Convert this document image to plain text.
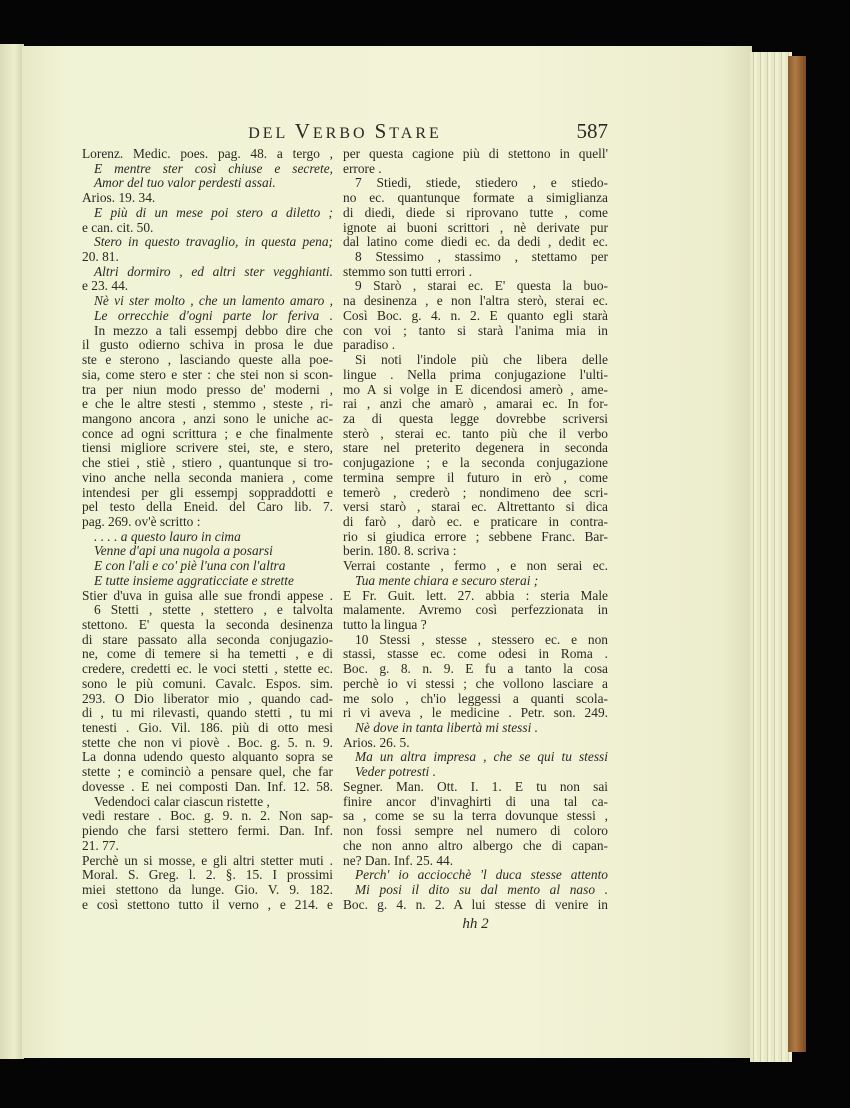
DEL VERBO STARE	587
Lorenz. Medic. poes. pag. 48. a tergo ,
E mentre ster così chiuse e secrete,
Amor del tuo valor perdesti assai.
Arios. 19. 34.
E più di un mese poi stero a diletto ;
e can. cit. 50.
Stero in questo travaglio, in questa pena;
20. 81.
Altri dormiro , ed altri ster vegghianti.
e 23. 44.
Nè vi ster molto , che un lamento amaro ,
Le orrecchie d'ogni parte lor feriva .
In mezzo a tali essempj debbo dire che
il gusto odierno schiva in prosa le due
ste e sterono , lasciando queste alla poe-
sia, come stero e ster : che stei non si scon-
tra per niun modo presso de' moderni ,
e che le altre stesti , stemmo , steste , ri-
mangono ancora , anzi sono le uniche ac-
conce ad ogni scrittura ; e che finalmente
tiensi migliore scrivere stei, ste, e stero,
che stiei , stiè , stiero , quantunque si tro-
vino anche nella seconda maniera , come
intendesi per gli essempj soppraddotti e
pel testo della Eneid. del Caro lib. 7.
pag. 269. ov'è scritto :
. . . . a questo lauro in cima
Venne d'api una nugola a posarsi
E con l'ali e co' piè l'una con l'altra
E tutte insieme aggraticciate e strette
Stier d'uva in guisa alle sue frondi appese .
6 Stetti , stette , stettero , e talvolta
stettono. E' questa la seconda desinenza
di stare passato alla seconda conjugazio-
ne, come di temere si ha temetti , e di
credere, credetti ec. le voci stetti , stette ec.
sono le più comuni. Cavalc. Espos. sim.
293. O Dio liberator mio , quando cad-
di , tu mi rilevasti, quando stetti , tu mi
tenesti . Gio. Vil. 186. più di otto mesi
stette che non vi piovè . Boc. g. 5. n. 9.
La donna udendo questo alquanto sopra se
stette ; e cominciò a pensare quel, che far
dovesse . E nei composti Dan. Inf. 12. 58.
Vedendoci calar ciascun ristette ,
vedi restare . Boc. g. 9. n. 2. Non sap-
piendo che farsi stettero fermi. Dan. Inf.
21. 77.
Perchè un si mosse, e gli altri stetter muti .
Moral. S. Greg. l. 2. §. 15. I prossimi
miei stettono da lunge. Gio. V. 9. 182.
e così stettono tutto il verno , e 214. e
per questa cagione più di stettono in quell'
errore .
7 Stiedi, stiede, stiedero , e stiedo-
no ec. quantunque formate a simiglianza
di diedi, diede si riprovano tutte , come
ignote ai buoni scrittori , nè derivate pur
dal latino come diedi ec. da dedi , dedit ec.
8 Stessimo , stassimo , stettamo per
stemmo son tutti errori .
9 Starò , starai ec. E' questa la buo-
na desinenza , e non l'altra sterò, sterai ec.
Così Boc. g. 4. n. 2. E quanto egli starà
con voi ; tanto si starà l'anima mia in
paradiso .
Si noti l'indole più che libera delle
lingue . Nella prima conjugazione l'ulti-
mo A si volge in E dicendosi amerò , ame-
rai , anzi che amarò , amarai ec. In for-
za di questa legge dovrebbe scriversi
sterò , sterai ec. tanto più che il verbo
stare nel preterito degenera in seconda
conjugazione ; e la seconda conjugazione
termina sempre il futuro in erò , come
temerò , crederò ; nondimeno dee scri-
versi starò , starai ec. Altrettanto si dica
di farò , darò ec. e praticare in contra-
rio si giudica errore ; sebbene Franc. Bar-
berin. 180. 8. scriva :
Verrai costante , fermo , e non serai ec.
Tua mente chiara e securo sterai ;
E Fr. Guit. lett. 27. abbia : steria Male
malamente. Avremo così perfezzionata in
tutto la lingua ?
10 Stessi , stesse , stessero ec. e non
stassi, stasse ec. come odesi in Roma .
Boc. g. 8. n. 9. E fu a tanto la cosa
perchè io vi stessi ; che vollono lasciare a
me solo , ch'io leggessi a quanti scola-
ri vi aveva , le medicine . Petr. son. 249.
Nè dove in tanta libertà mi stessi .
Arios. 26. 5.
Ma un altra impresa , che se qui tu stessi
Veder potresti .
Segner. Man. Ott. I. 1. E tu non sai
finire ancor d'invaghirti di una tal ca-
sa , come se su la terra dovunque stessi ,
non fossi sempre nel numero di coloro
che non anno altro albergo che di capan-
ne? Dan. Inf. 25. 44.
Perch' io acciocchè 'l duca stesse attento
Mi posi il dito su dal mento al naso .
Boc. g. 4. n. 2. A lui stesse di venire in
hh 2
